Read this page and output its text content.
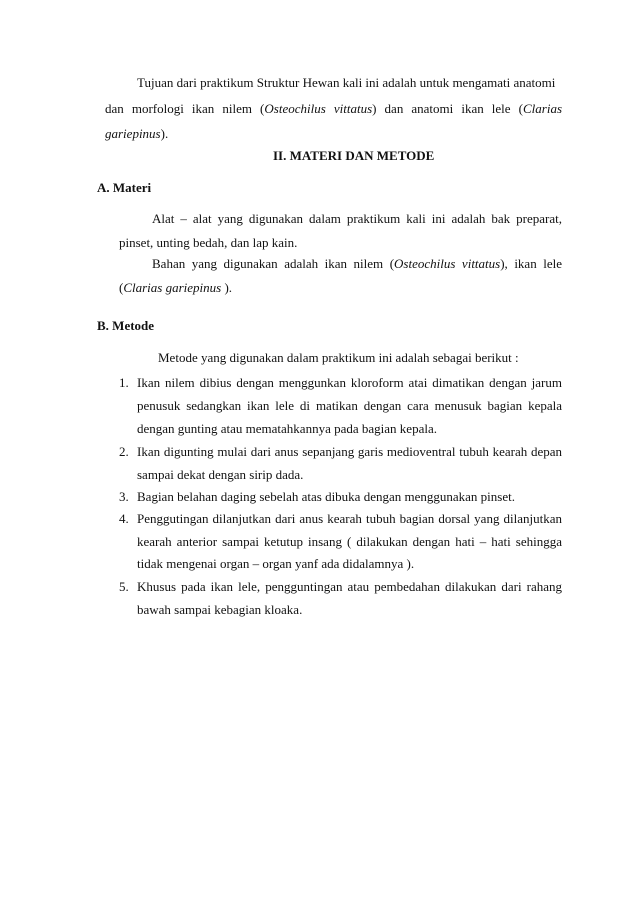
Tujuan dari praktikum Struktur Hewan kali ini adalah untuk mengamati anatomi
dan morfologi ikan nilem (Osteochilus vittatus) dan anatomi ikan lele (Clarias
gariepinus).
II. MATERI DAN METODE
A. Materi
Alat – alat yang digunakan dalam praktikum kali ini adalah bak preparat,
pinset, unting bedah, dan lap kain.
Bahan yang digunakan adalah ikan nilem (Osteochilus vittatus), ikan lele
(Clarias gariepinus ).
B. Metode
Metode yang digunakan dalam praktikum ini adalah sebagai berikut :
1. Ikan nilem dibius dengan menggunkan kloroform atai dimatikan dengan jarum
penusuk sedangkan ikan lele di matikan dengan cara menusuk bagian kepala
dengan gunting atau mematahkannya pada bagian kepala.
2. Ikan digunting mulai dari anus sepanjang garis medioventral tubuh kearah depan
sampai dekat dengan sirip dada.
3. Bagian belahan daging sebelah atas dibuka dengan menggunakan pinset.
4. Penggutingan dilanjutkan dari anus kearah tubuh bagian dorsal yang dilanjutkan
kearah anterior sampai ketutup insang ( dilakukan dengan hati – hati sehingga
tidak mengenai organ – organ yanf ada didalamnya ).
5. Khusus pada ikan lele, pengguntingan atau pembedahan dilakukan dari rahang
bawah sampai kebagian kloaka.
